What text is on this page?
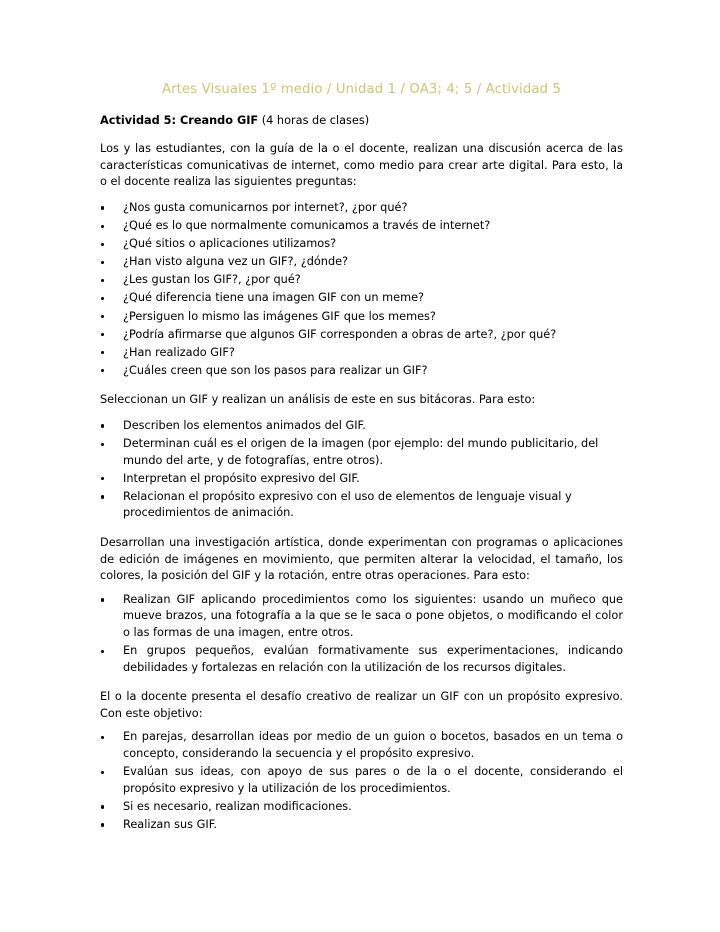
Artes Visuales 1º medio / Unidad 1 / OA3; 4; 5 / Actividad 5
Actividad 5: Creando GIF (4 horas de clases)

Los y las estudiantes, con la guía de la o el docente, realizan una discusión acerca de las características comunicativas de internet, como medio para crear arte digital. Para esto, la o el docente realiza las siguientes preguntas:

¿Nos gusta comunicarnos por internet?, ¿por qué?
¿Qué es lo que normalmente comunicamos a través de internet?
¿Qué sitios o aplicaciones utilizamos?
¿Han visto alguna vez un GIF?, ¿dónde?
¿Les gustan los GIF?, ¿por qué?
¿Qué diferencia tiene una imagen GIF con un meme?
¿Persiguen lo mismo las imágenes GIF que los memes?
¿Podría afirmarse que algunos GIF corresponden a obras de arte?, ¿por qué?
¿Han realizado GIF?
¿Cuáles creen que son los pasos para realizar un GIF?

Seleccionan un GIF y realizan un análisis de este en sus bitácoras. Para esto:

Describen los elementos animados del GIF.
Determinan cuál es el origen de la imagen (por ejemplo: del mundo publicitario, del mundo del arte, y de fotografías, entre otros).
Interpretan el propósito expresivo del GIF.
Relacionan el propósito expresivo con el uso de elementos de lenguaje visual y procedimientos de animación.

Desarrollan una investigación artística, donde experimentan con programas o aplicaciones de edición de imágenes en movimiento, que permiten alterar la velocidad, el tamaño, los colores, la posición del GIF y la rotación, entre otras operaciones. Para esto:

Realizan GIF aplicando procedimientos como los siguientes: usando un muñeco que mueve brazos, una fotografía a la que se le saca o pone objetos, o modificando el color o las formas de una imagen, entre otros.
En grupos pequeños, evalúan formativamente sus experimentaciones, indicando debilidades y fortalezas en relación con la utilización de los recursos digitales.

El o la docente presenta el desafío creativo de realizar un GIF con un propósito expresivo. Con este objetivo:

En parejas, desarrollan ideas por medio de un guion o bocetos, basados en un tema o concepto, considerando la secuencia y el propósito expresivo.
Evalúan sus ideas, con apoyo de sus pares o de la o el docente, considerando el propósito expresivo y la utilización de los procedimientos.
Si es necesario, realizan modificaciones.
Realizan sus GIF.
